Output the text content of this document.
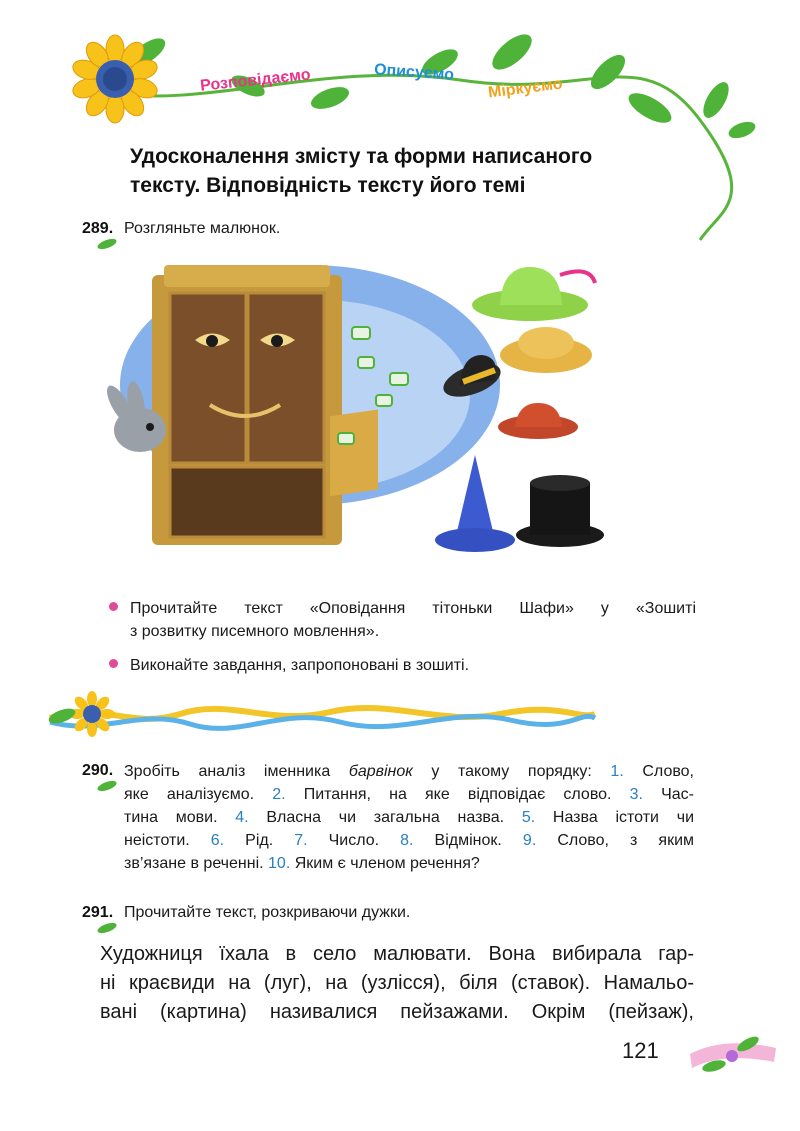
Розповідаємо	Описуємо
Міркуємо
Удосконалення змісту та форми написаного
тексту. Відповідність тексту його темі
289. Розгляньте малюнок.
Прочитайте текст «Оповідання тітоньки Шафи» у «Зошиті
з розвитку писемного мовлення».
Виконайте завдання, запропоновані в зошиті.
290. Зробіть аналіз іменника барвінок у такому порядку: 1. Слово,
яке аналізуємо. 2. Питання, на яке відповідає слово. 3. Час-
тина мови. 4. Власна чи загальна назва. 5. Назва істоти чи
неістоти. 6. Рід. 7. Число. 8. Відмінок. 9. Слово, з яким
зв’язане в реченні. 10. Яким є членом речення?
291. Прочитайте текст, розкриваючи дужки.
Художниця їхала в село малювати. Вона вибирала гар-
ні краєвиди на (луг), на (узлісся), біля (ставок). Намальо-
вані (картина) називалися пейзажами. Окрім (пейзаж),
121
